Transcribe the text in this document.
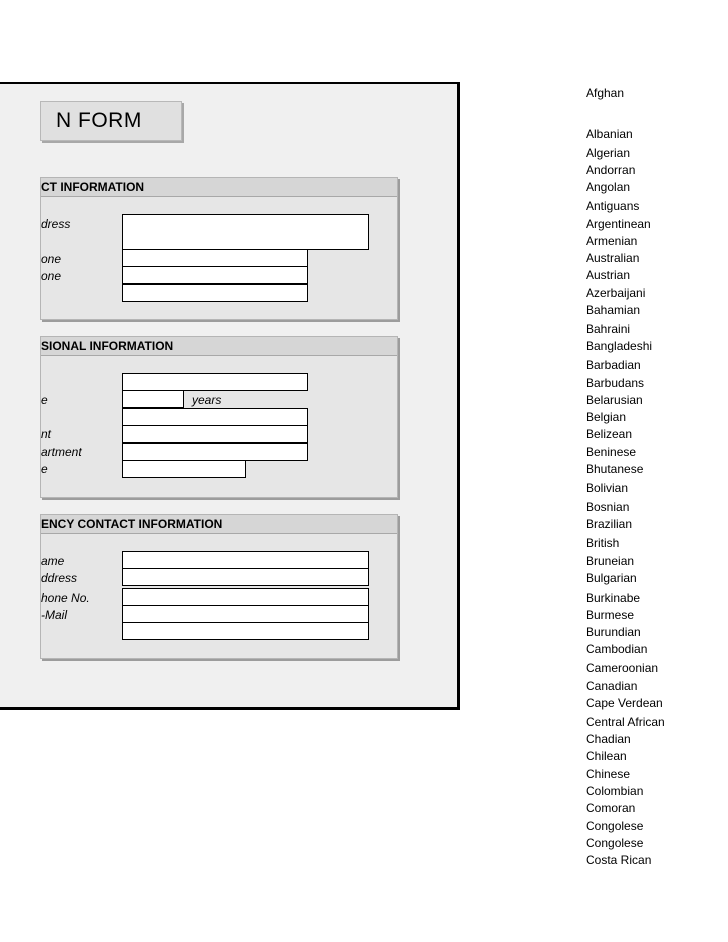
N FORM
CT INFORMATION
dress
one
one
SIONAL INFORMATION
e
nt
artment
e
years
ENCY CONTACT INFORMATION
ame
ddress
hone No.
-Mail
Afghan
Albanian
Algerian
Andorran
Angolan
Antiguans
Argentinean
Armenian
Australian
Austrian
Azerbaijani
Bahamian
Bahraini
Bangladeshi
Barbadian
Barbudans
Belarusian
Belgian
Belizean
Beninese
Bhutanese
Bolivian
Bosnian
Brazilian
British
Bruneian
Bulgarian
Burkinabe
Burmese
Burundian
Cambodian
Cameroonian
Canadian
Cape Verdean
Central African
Chadian
Chilean
Chinese
Colombian
Comoran
Congolese
Congolese
Costa Rican
